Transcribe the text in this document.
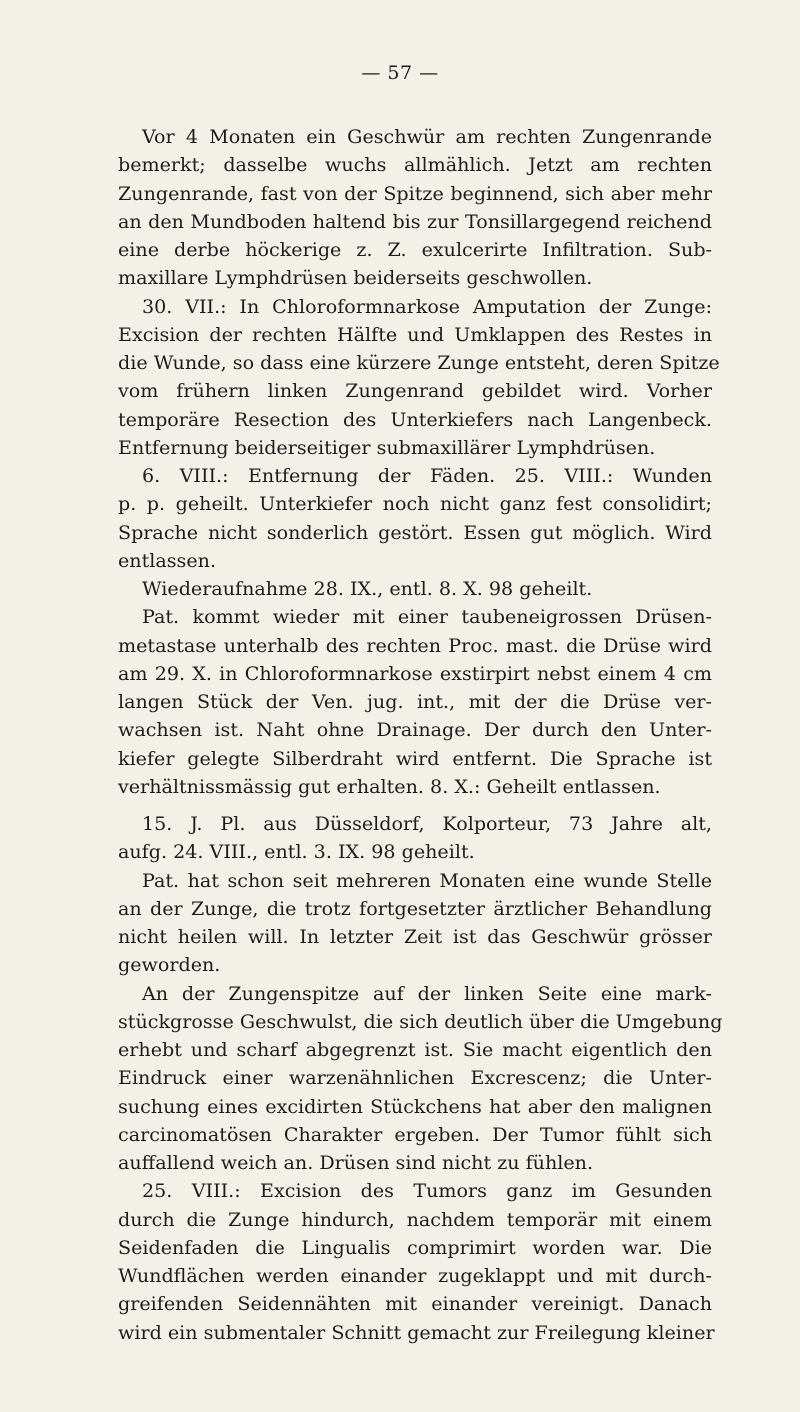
— 57 —
Vor 4 Monaten ein Geschwür am rechten Zungenrande
bemerkt; dasselbe wuchs allmählich. Jetzt am rechten
Zungenrande, fast von der Spitze beginnend, sich aber mehr
an den Mundboden haltend bis zur Tonsillargegend reichend
eine derbe höckerige z. Z. exulcerirte Infiltration. Sub-
maxillare Lymphdrüsen beiderseits geschwollen.
30. VII.: In Chloroformnarkose Amputation der Zunge:
Excision der rechten Hälfte und Umklappen des Restes in
die Wunde, so dass eine kürzere Zunge entsteht, deren Spitze
vom frühern linken Zungenrand gebildet wird. Vorher
temporäre Resection des Unterkiefers nach Langenbeck.
Entfernung beiderseitiger submaxillärer Lymphdrüsen.
6. VIII.: Entfernung der Fäden. 25. VIII.: Wunden
p. p. geheilt. Unterkiefer noch nicht ganz fest consolidirt;
Sprache nicht sonderlich gestört. Essen gut möglich. Wird
entlassen.
Wiederaufnahme 28. IX., entl. 8. X. 98 geheilt.
Pat. kommt wieder mit einer taubeneigrossen Drüsen-
metastase unterhalb des rechten Proc. mast. die Drüse wird
am 29. X. in Chloroformnarkose exstirpirt nebst einem 4 cm
langen Stück der Ven. jug. int., mit der die Drüse ver-
wachsen ist. Naht ohne Drainage. Der durch den Unter-
kiefer gelegte Silberdraht wird entfernt. Die Sprache ist
verhältnissmässig gut erhalten. 8. X.: Geheilt entlassen.
15. J. Pl. aus Düsseldorf, Kolporteur, 73 Jahre alt,
aufg. 24. VIII., entl. 3. IX. 98 geheilt.
Pat. hat schon seit mehreren Monaten eine wunde Stelle
an der Zunge, die trotz fortgesetzter ärztlicher Behandlung
nicht heilen will. In letzter Zeit ist das Geschwür grösser
geworden.
An der Zungenspitze auf der linken Seite eine mark-
stückgrosse Geschwulst, die sich deutlich über die Umgebung
erhebt und scharf abgegrenzt ist. Sie macht eigentlich den
Eindruck einer warzenähnlichen Excrescenz; die Unter-
suchung eines excidirten Stückchens hat aber den malignen
carcinomatösen Charakter ergeben. Der Tumor fühlt sich
auffallend weich an. Drüsen sind nicht zu fühlen.
25. VIII.: Excision des Tumors ganz im Gesunden
durch die Zunge hindurch, nachdem temporär mit einem
Seidenfaden die Lingualis comprimirt worden war. Die
Wundflächen werden einander zugeklappt und mit durch-
greifenden Seidennähten mit einander vereinigt. Danach
wird ein submentaler Schnitt gemacht zur Freilegung kleiner
